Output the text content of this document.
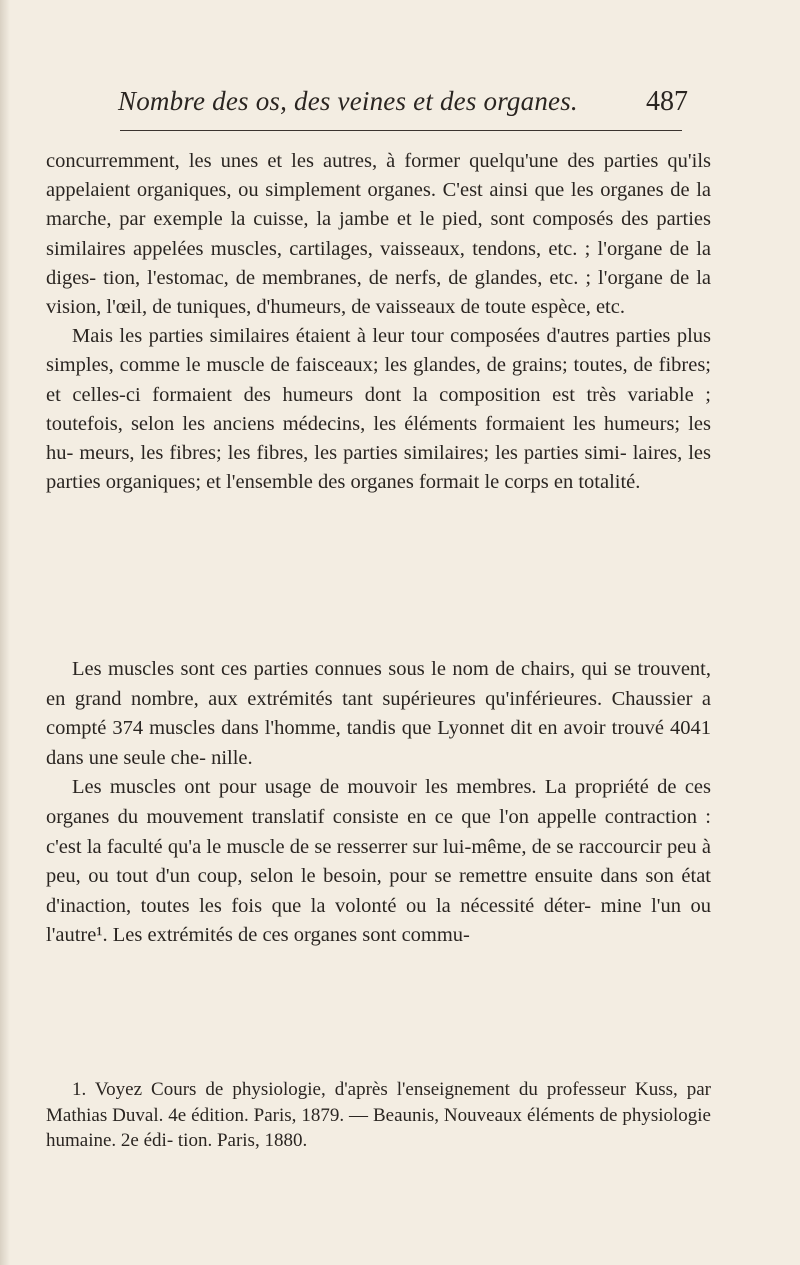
Nombre des os, des veines et des organes. 487

concurremment, les unes et les autres, à former quelqu'une des parties qu'ils appelaient organiques, ou simplement organes. C'est ainsi que les organes de la marche, par exemple la cuisse, la jambe et le pied, sont composés des parties similaires appelées muscles, cartilages, vaisseaux, tendons, etc. ; l'organe de la diges- tion, l'estomac, de membranes, de nerfs, de glandes, etc. ; l'organe de la vision, l'œil, de tuniques, d'humeurs, de vaisseaux de toute espèce, etc.

Mais les parties similaires étaient à leur tour composées d'autres parties plus simples, comme le muscle de faisceaux; les glandes, de grains; toutes, de fibres; et celles-ci formaient des humeurs dont la composition est très variable ; toutefois, selon les anciens médecins, les éléments formaient les humeurs; les hu- meurs, les fibres; les fibres, les parties similaires; les parties simi- laires, les parties organiques; et l'ensemble des organes formait le corps en totalité.

Les muscles sont ces parties connues sous le nom de chairs, qui se trouvent, en grand nombre, aux extrémités tant supérieures qu'inférieures. Chaussier a compté 374 muscles dans l'homme, tandis que Lyonnet dit en avoir trouvé 4041 dans une seule che- nille.

Les muscles ont pour usage de mouvoir les membres. La propriété de ces organes du mouvement translatif consiste en ce que l'on appelle contraction : c'est la faculté qu'a le muscle de se resserrer sur lui-même, de se raccourcir peu à peu, ou tout d'un coup, selon le besoin, pour se remettre ensuite dans son état d'inaction, toutes les fois que la volonté ou la nécessité déter- mine l'un ou l'autre¹. Les extrémités de ces organes sont commu-

1. Voyez Cours de physiologie, d'après l'enseignement du professeur Kuss, par Mathias Duval. 4e édition. Paris, 1879. — Beaunis, Nouveaux éléments de physiologie humaine. 2e édi- tion. Paris, 1880.
